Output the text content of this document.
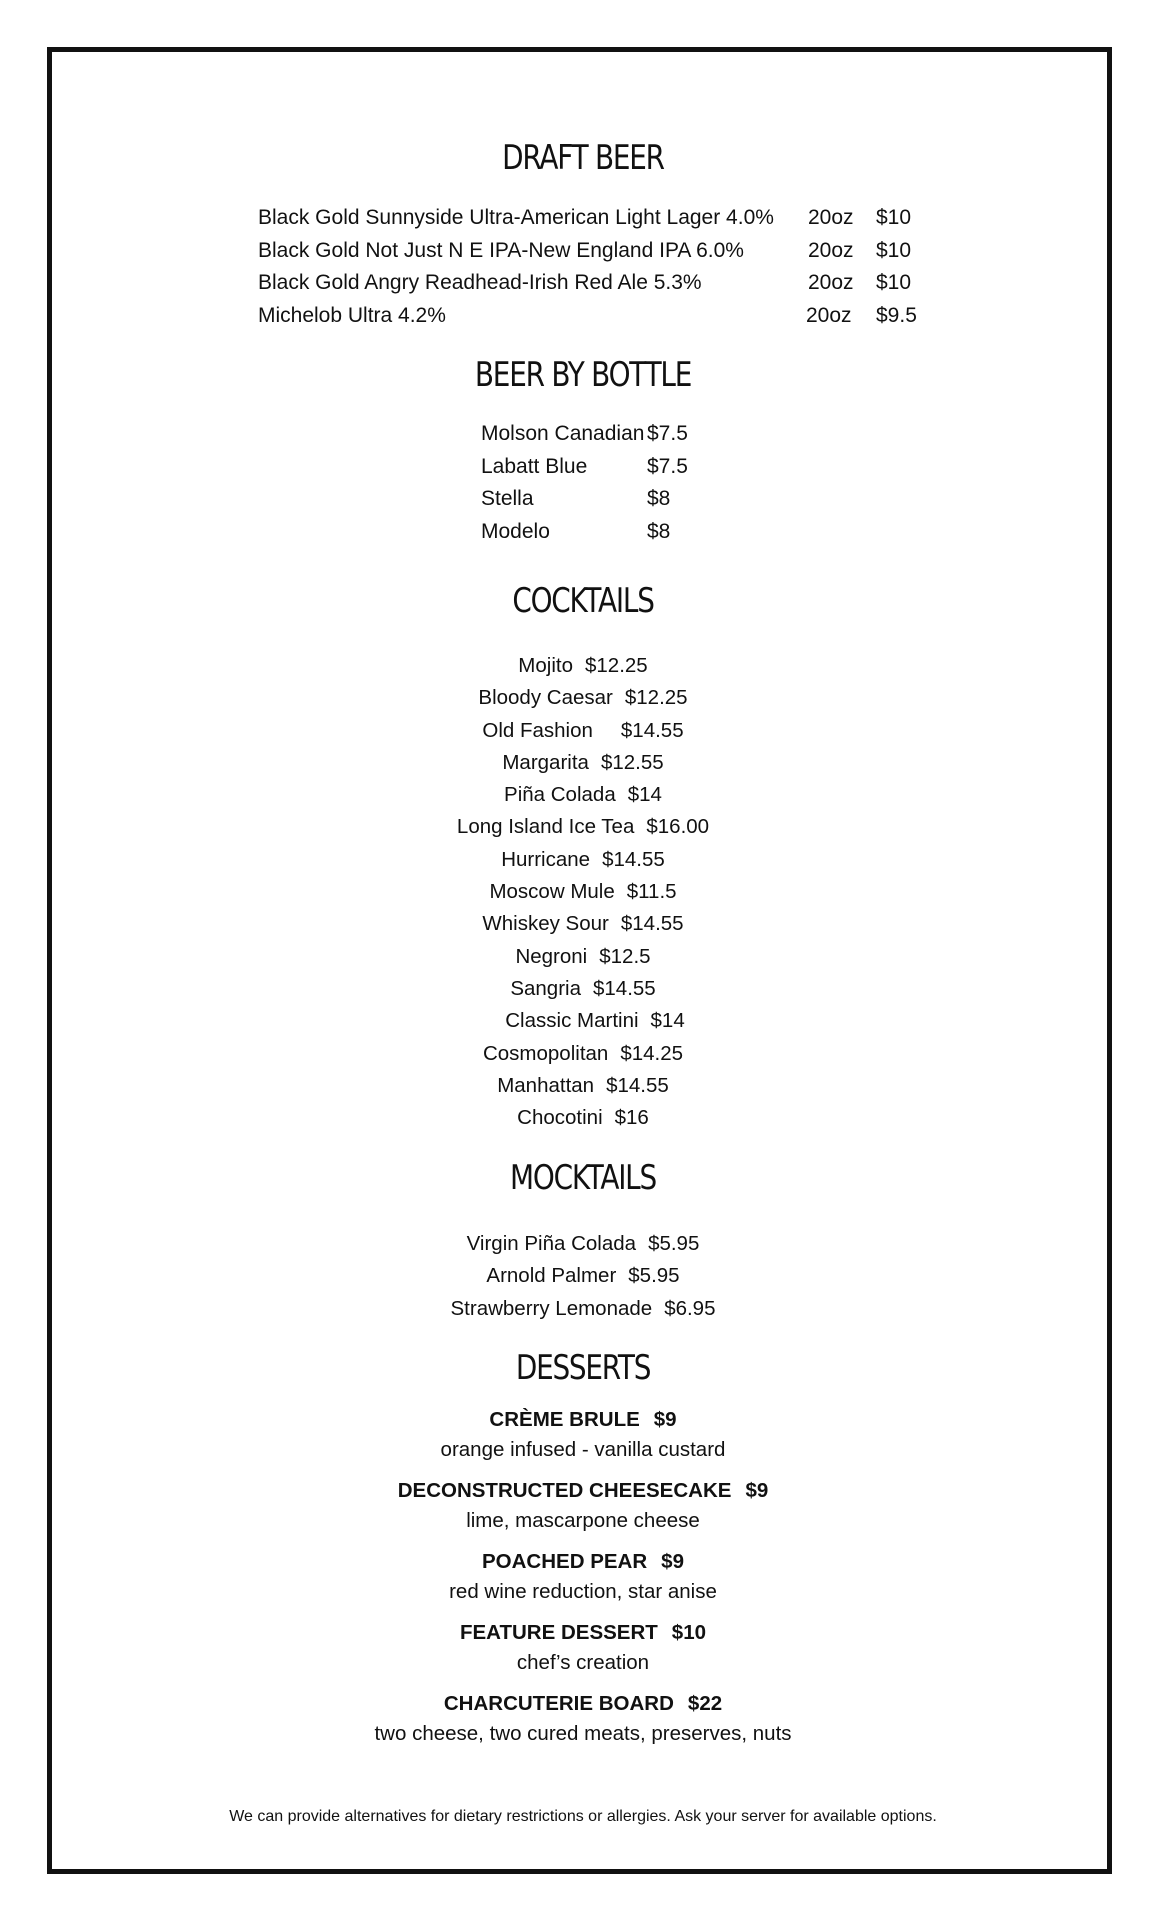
DRAFT BEER
Black Gold Sunnyside Ultra-American Light Lager 4.0% 20oz $10
Black Gold Not Just N E IPA-New England IPA 6.0%	20oz $10
Black Gold Angry Readhead-Irish Red Ale 5.3%	20oz $10
Michelob Ultra 4.2%	20oz $9.5
BEER BY BOTTLE
Molson Canadian $7.5
Labatt Blue	$7.5
Stella	$8
Modelo	$8
COCKTAILS
Mojito $12.25
Bloody Caesar $12.25
Old Fashion $14.55
Margarita $12.55
Piña Colada $14
Long Island Ice Tea $16.00
Hurricane $14.55
Moscow Mule $11.5
Whiskey Sour $14.55
Negroni $12.5
Sangria $14.55
Classic Martini $14
Cosmopolitan $14.25
Manhattan $14.55
Chocotini $16
MOCKTAILS
Virgin Piña Colada $5.95
Arnold Palmer $5.95
Strawberry Lemonade $6.95
DESSERTS
CRÈME BRULE $9
orange infused - vanilla custard
DECONSTRUCTED CHEESECAKE $9
lime, mascarpone cheese
POACHED PEAR $9
red wine reduction, star anise
FEATURE DESSERT $10
chef’s creation
CHARCUTERIE BOARD $22
two cheese, two cured meats, preserves, nuts
We can provide alternatives for dietary restrictions or allergies. Ask your server for available options.
